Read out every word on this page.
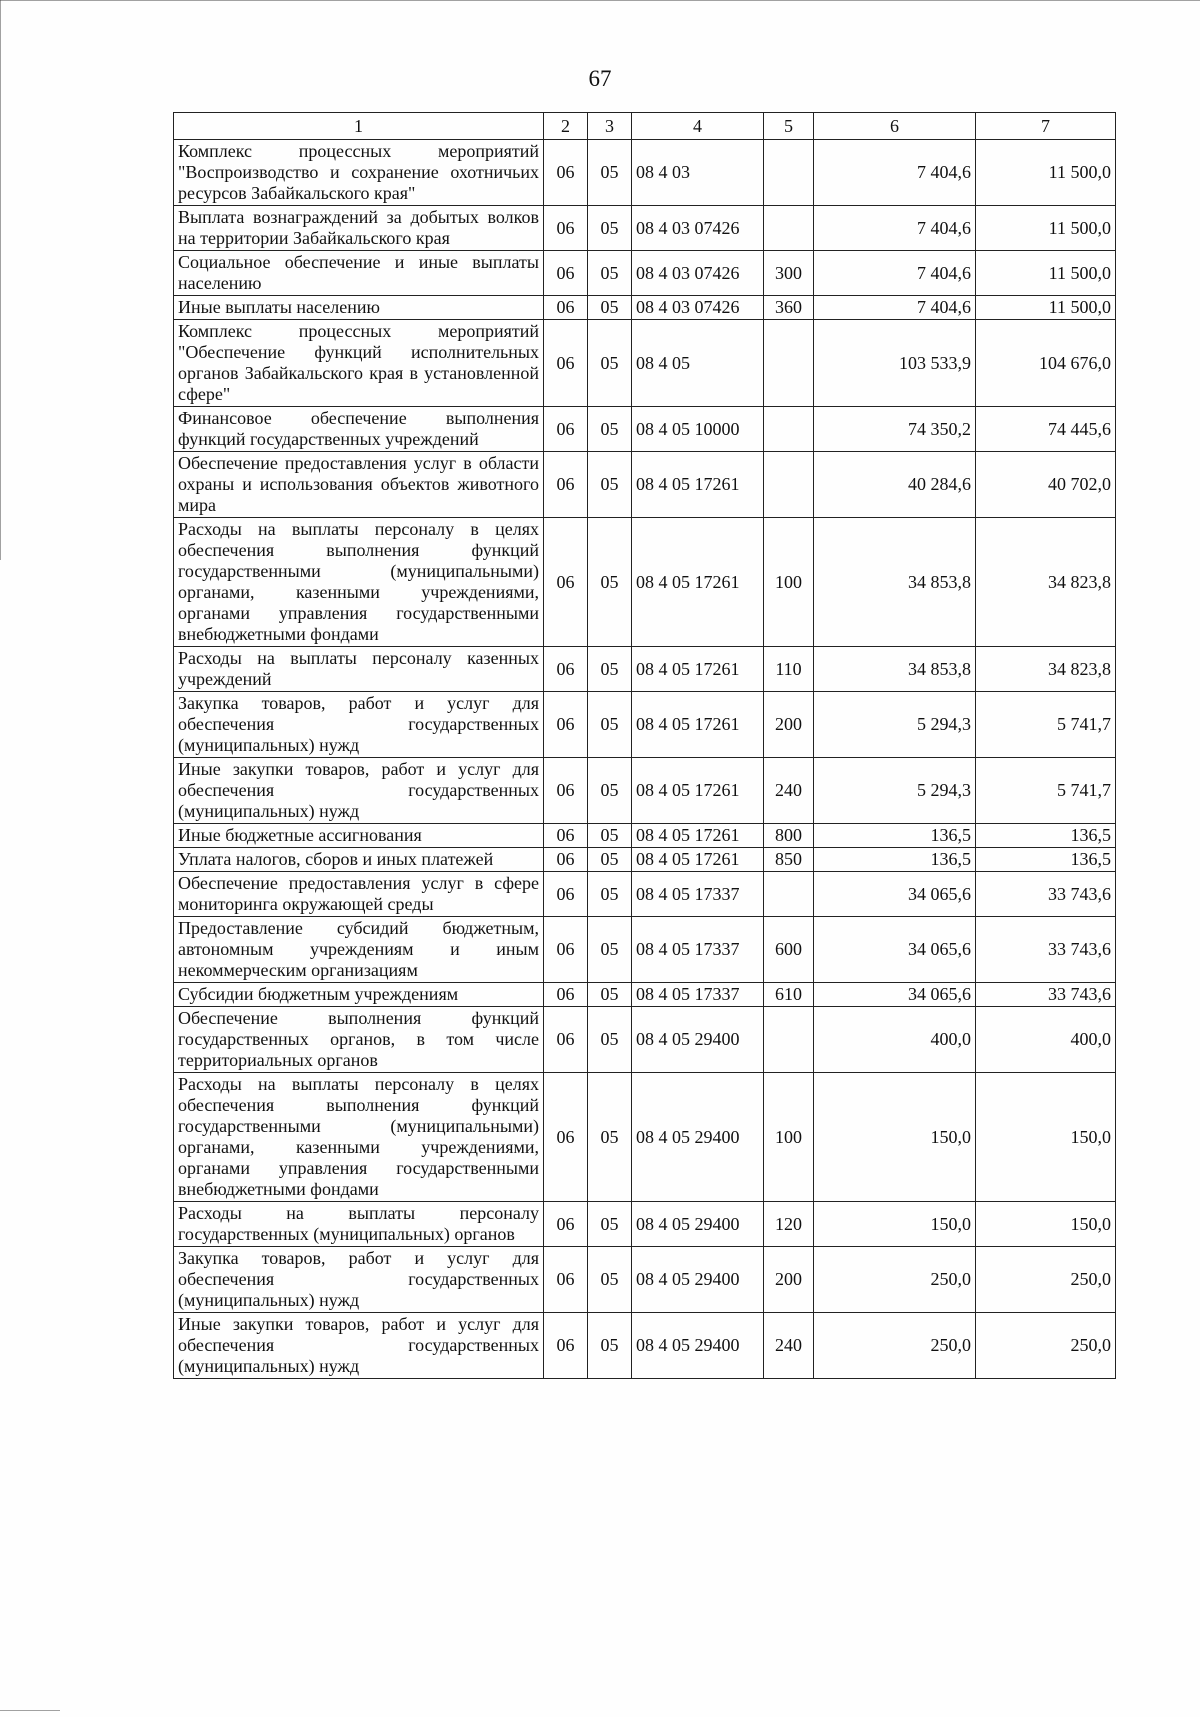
67
1	2	3	4	5	6	7
Комплекс процессных мероприятий "Воспроизводство и сохранение охотничьих ресурсов Забайкальского края"	06	05	08 4 03		7 404,6	11 500,0
Выплата вознаграждений за добытых волков на территории Забайкальского края	06	05	08 4 03 07426		7 404,6	11 500,0
Социальное обеспечение и иные выплаты населению	06	05	08 4 03 07426	300	7 404,6	11 500,0
Иные выплаты населению	06	05	08 4 03 07426	360	7 404,6	11 500,0
Комплекс процессных мероприятий "Обеспечение функций исполнительных органов Забайкальского края в установленной сфере"	06	05	08 4 05		103 533,9	104 676,0
Финансовое обеспечение выполнения функций государственных учреждений	06	05	08 4 05 10000		74 350,2	74 445,6
Обеспечение предоставления услуг в области охраны и использования объектов животного мира	06	05	08 4 05 17261		40 284,6	40 702,0
Расходы на выплаты персоналу в целях обеспечения выполнения функций государственными (муниципальными) органами, казенными учреждениями, органами управления государственными внебюджетными фондами	06	05	08 4 05 17261	100	34 853,8	34 823,8
Расходы на выплаты персоналу казенных учреждений	06	05	08 4 05 17261	110	34 853,8	34 823,8
Закупка товаров, работ и услуг для обеспечения государственных (муниципальных) нужд	06	05	08 4 05 17261	200	5 294,3	5 741,7
Иные закупки товаров, работ и услуг для обеспечения государственных (муниципальных) нужд	06	05	08 4 05 17261	240	5 294,3	5 741,7
Иные бюджетные ассигнования	06	05	08 4 05 17261	800	136,5	136,5
Уплата налогов, сборов и иных платежей	06	05	08 4 05 17261	850	136,5	136,5
Обеспечение предоставления услуг в сфере мониторинга окружающей среды	06	05	08 4 05 17337		34 065,6	33 743,6
Предоставление субсидий бюджетным, автономным учреждениям и иным некоммерческим организациям	06	05	08 4 05 17337	600	34 065,6	33 743,6
Субсидии бюджетным учреждениям	06	05	08 4 05 17337	610	34 065,6	33 743,6
Обеспечение выполнения функций государственных органов, в том числе территориальных органов	06	05	08 4 05 29400		400,0	400,0
Расходы на выплаты персоналу в целях обеспечения выполнения функций государственными (муниципальными) органами, казенными учреждениями, органами управления государственными внебюджетными фондами	06	05	08 4 05 29400	100	150,0	150,0
Расходы на выплаты персоналу государственных (муниципальных) органов	06	05	08 4 05 29400	120	150,0	150,0
Закупка товаров, работ и услуг для обеспечения государственных (муниципальных) нужд	06	05	08 4 05 29400	200	250,0	250,0
Иные закупки товаров, работ и услуг для обеспечения государственных (муниципальных) нужд	06	05	08 4 05 29400	240	250,0	250,0
